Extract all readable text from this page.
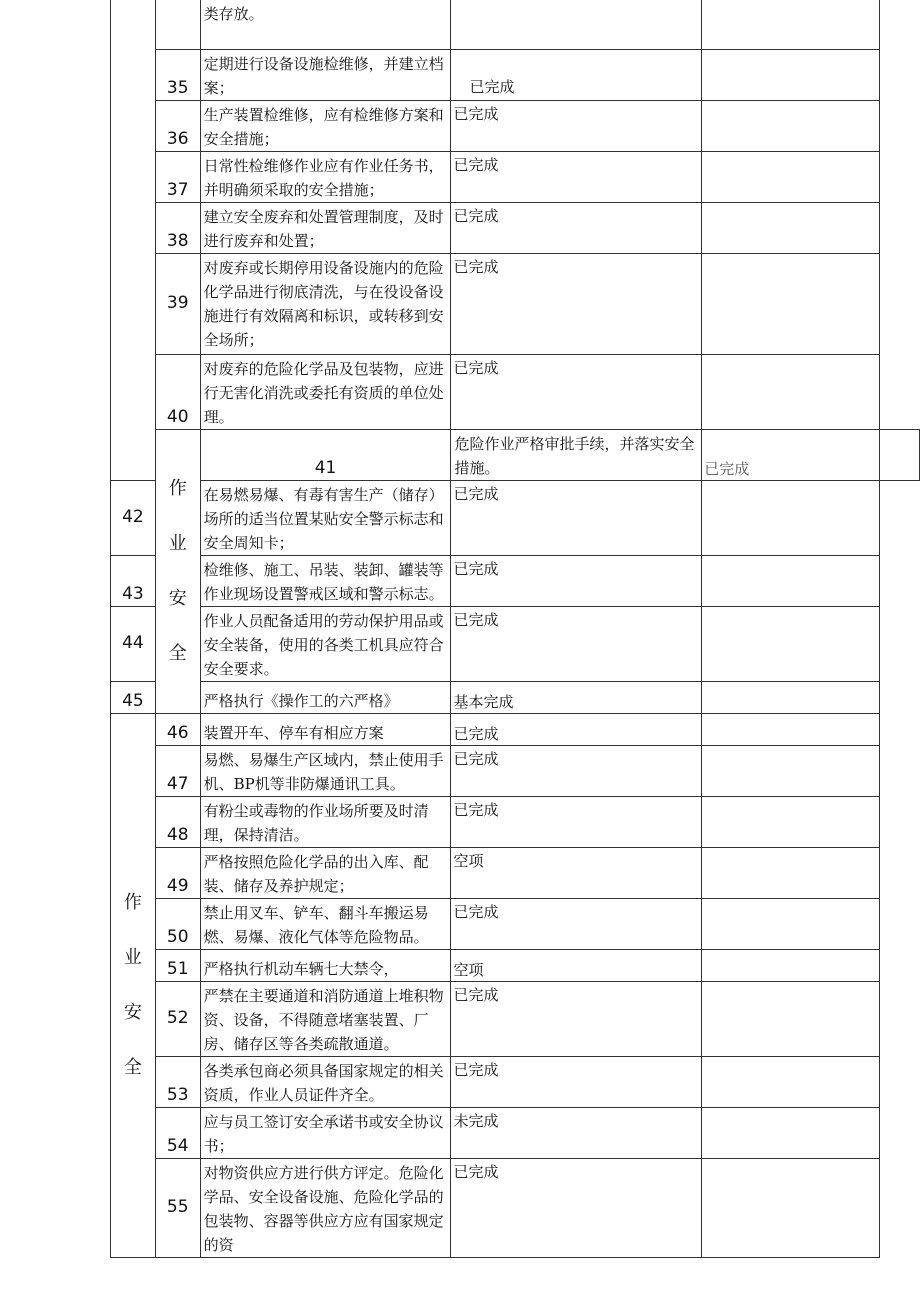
		类存放。			
	35	定期进行设备设施检维修，并建立档案；	已完成		
	36	生产装置检维修，应有检维修方案和安全措施；	已完成		
	37	日常性检维修作业应有作业任务书，并明确须采取的安全措施；	已完成		
	38	建立安全废弃和处置管理制度，及时进行废弃和处置；	已完成		
	39	对废弃或长期停用设备设施内的危险化学品进行彻底清洗，与在役设备设施进行有效隔离和标识，或转移到安全场所；	已完成		
	40	对废弃的危险化学品及包装物，应进行无害化消洗或委托有资质的单位处理。	已完成		

	作
业
安
全	41	危险作业严格审批手续，并落实安全措施。	已完成	
42		在易燃易爆、有毒有害生产（储存）场所的适当位置某贴安全警示标志和安全周知卡；	已完成		
43		检维修、施工、吊装、装卸、罐装等作业现场设置警戒区域和警示标志。	已完成		
44		作业人员配备适用的劳动保护用品或安全装备，使用的各类工机具应符合安全要求。	已完成		
45		严格执行《操作工的六严格》	基本完成		

作
业
安
全	46	装置开车、停车有相应方案	已完成		
	47	易燃、易爆生产区域内，禁止使用手机、BP机等非防爆通讯工具。	已完成		
	48	有粉尘或毒物的作业场所要及时清理，保持清洁。	已完成		
	49	严格按照危险化学品的出入库、配装、储存及养护规定；	空项		
	50	禁止用叉车、铲车、翻斗车搬运易燃、易爆、液化气体等危险物品。	已完成		
	51	严格执行机动车辆七大禁令，	空项		
	52	严禁在主要通道和消防通道上堆积物资、设备，不得随意堵塞装置、厂房、储存区等各类疏散通道。	已完成		
	53	各类承包商必须具备国家规定的相关资质，作业人员证件齐全。	已完成		
	54	应与员工签订安全承诺书或安全协议书；	未完成		
	55	对物资供应方进行供方评定。危险化学品、安全设备设施、危险化学品的包装物、容器等供应方应有国家规定的资	已完成		
